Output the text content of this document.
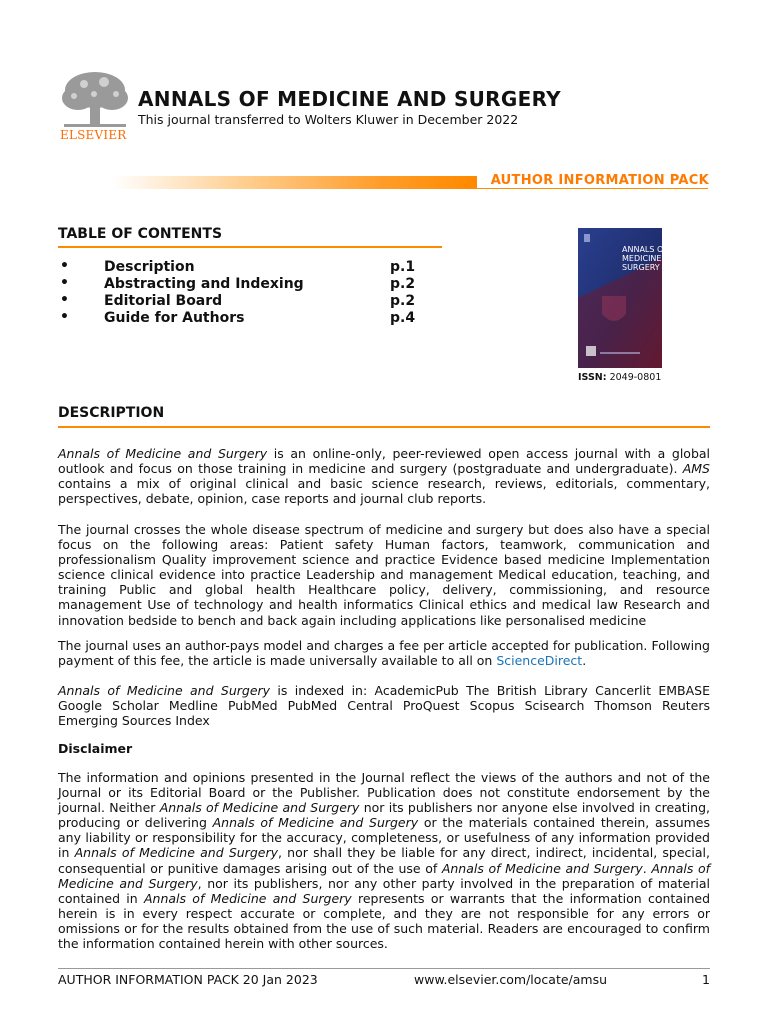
ELSEVIER
ANNALS OF MEDICINE AND SURGERY
This journal transferred to Wolters Kluwer in December 2022
AUTHOR INFORMATION PACK
TABLE OF CONTENTS
•	Description	p.1
•	Abstracting and Indexing	p.2
•	Editorial Board	p.2
•	Guide for Authors	p.4
ANNALS OF
MEDICINE
SURGERY
ISSN: 2049-0801
DESCRIPTION
Annals of Medicine and Surgery is an online-only, peer-reviewed open access journal with a global outlook and focus on those training in medicine and surgery (postgraduate and undergraduate). AMS contains a mix of original clinical and basic science research, reviews, editorials, commentary, perspectives, debate, opinion, case reports and journal club reports.
The journal crosses the whole disease spectrum of medicine and surgery but does also have a special focus on the following areas: Patient safety Human factors, teamwork, communication and professionalism Quality improvement science and practice Evidence based medicine Implementation science clinical evidence into practice Leadership and management Medical education, teaching, and training Public and global health Healthcare policy, delivery, commissioning, and resource management Use of technology and health informatics Clinical ethics and medical law Research and innovation bedside to bench and back again including applications like personalised medicine
The journal uses an author-pays model and charges a fee per article accepted for publication. Following payment of this fee, the article is made universally available to all on ScienceDirect.
Annals of Medicine and Surgery is indexed in: AcademicPub The British Library Cancerlit EMBASE Google Scholar Medline PubMed PubMed Central ProQuest Scopus Scisearch Thomson Reuters Emerging Sources Index
Disclaimer
The information and opinions presented in the Journal reflect the views of the authors and not of the Journal or its Editorial Board or the Publisher. Publication does not constitute endorsement by the journal. Neither Annals of Medicine and Surgery nor its publishers nor anyone else involved in creating, producing or delivering Annals of Medicine and Surgery or the materials contained therein, assumes any liability or responsibility for the accuracy, completeness, or usefulness of any information provided in Annals of Medicine and Surgery, nor shall they be liable for any direct, indirect, incidental, special, consequential or punitive damages arising out of the use of Annals of Medicine and Surgery. Annals of Medicine and Surgery, nor its publishers, nor any other party involved in the preparation of material contained in Annals of Medicine and Surgery represents or warrants that the information contained herein is in every respect accurate or complete, and they are not responsible for any errors or omissions or for the results obtained from the use of such material. Readers are encouraged to confirm the information contained herein with other sources.
AUTHOR INFORMATION PACK 20 Jan 2023	www.elsevier.com/locate/amsu	1
